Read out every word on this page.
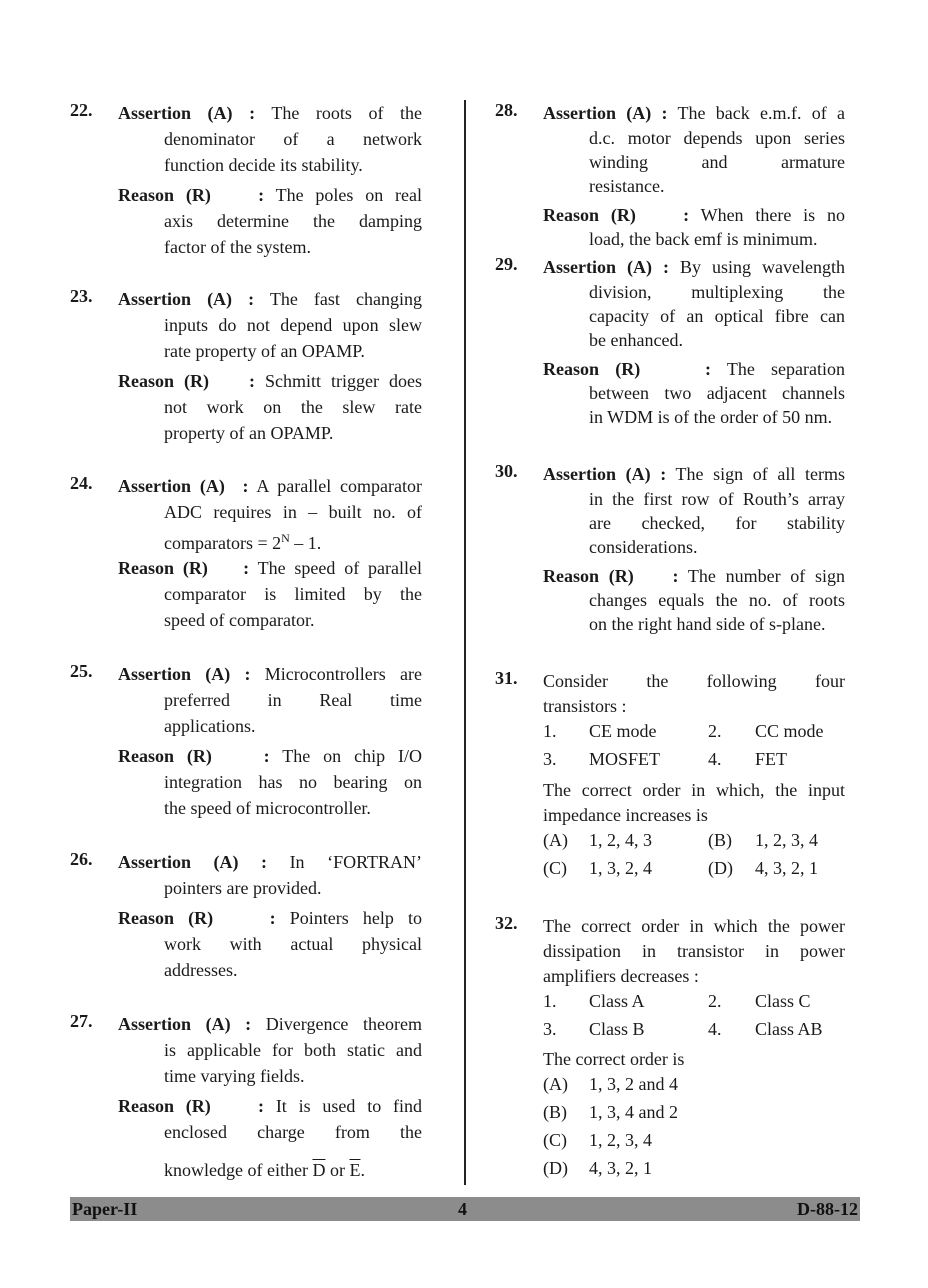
22. Assertion (A) : The roots of the
denominator of a network
function decide its stability.
Reason (R)	: The poles on real
axis determine the damping
factor of the system.
23. Assertion (A) : The fast changing
inputs do not depend upon slew
rate property of an OPAMP.
Reason (R) : Schmitt trigger does
not work on the slew rate
property of an OPAMP.
24. Assertion (A) : A parallel comparator
ADC requires in – built no. of
comparators = $2^N - 1$.
Reason (R) : The speed of parallel
comparator is limited by the
speed of comparator.
25. Assertion (A) : Microcontrollers are
preferred in Real time
applications.
Reason (R)	: The on chip I/O
integration has no bearing on
the speed of microcontroller.
26. Assertion (A) : In ‘FORTRAN’
pointers are provided.
Reason (R)	: Pointers help to
work with actual physical
addresses.
27. Assertion (A) : Divergence theorem
is applicable for both static and
time varying fields.
Reason (R)	: It is used to find
enclosed charge from the
knowledge of either $\overline{D}$ or $\overline{E}$.
28. Assertion (A) : The back e.m.f. of a
d.c. motor depends upon series
winding and armature
resistance.
Reason (R)	: When there is no
load, the back emf is minimum.
29. Assertion (A) : By using wavelength
division, multiplexing the
capacity of an optical fibre can
be enhanced.
Reason (R)	: The separation
between two adjacent channels
in WDM is of the order of 50 nm.
30. Assertion (A) : The sign of all terms
in the first row of Routh’s array
are checked, for stability
considerations.
Reason (R) : The number of sign
changes equals the no. of roots
on the right hand side of s-plane.
31. Consider the following four
transistors :
1. CE mode	2. CC mode
3. MOSFET	4. FET
The correct order in which, the input
impedance increases is
(A) 1, 2, 4, 3	(B) 1, 2, 3, 4
(C) 1, 3, 2, 4	(D) 4, 3, 2, 1
32. The correct order in which the power
dissipation in transistor in power
amplifiers decreases :
1. Class A	2. Class C
3. Class B	4. Class AB
The correct order is
(A) 1, 3, 2 and 4
(B) 1, 3, 4 and 2
(C) 1, 2, 3, 4
(D) 4, 3, 2, 1
Paper-II	4	D-88-12
